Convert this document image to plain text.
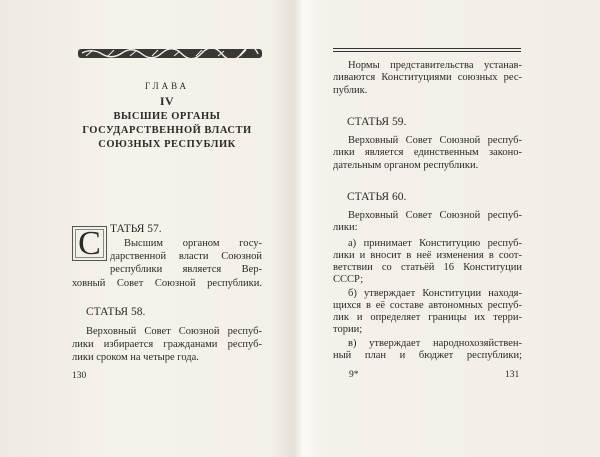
ГЛАВА
IV
ВЫСШИЕ ОРГАНЫ
ГОСУДАРСТВЕННОЙ ВЛАСТИ
СОЮЗНЫХ РЕСПУБЛИК
С ТАТЬЯ 57.
Высшим органом госу-
дарственной власти Союзной
республики является Вер-
ховный Совет Союзной республики.
СТАТЬЯ 58.
Верховный Совет Союзной респуб-
лики избирается гражданами респуб-
лики сроком на четыре года.
130
Нормы представительства устанав-
ливаются Конституциями союзных рес-
публик.
СТАТЬЯ 59.
Верховный Совет Союзной респуб-
лики является единственным законо-
дательным органом республики.
СТАТЬЯ 60.
Верховный Совет Союзной респуб-
лики:
а) принимает Конституцию респуб-
лики и вносит в неё изменения в соот-
ветствии со статьёй 16 Конституции
СССР;
б) утверждает Конституции находя-
щихся в её составе автономных респуб-
лик и определяет границы их терри-
тории;
в) утверждает народнохозяйствен-
ный план и бюджет республики;
9*	131
